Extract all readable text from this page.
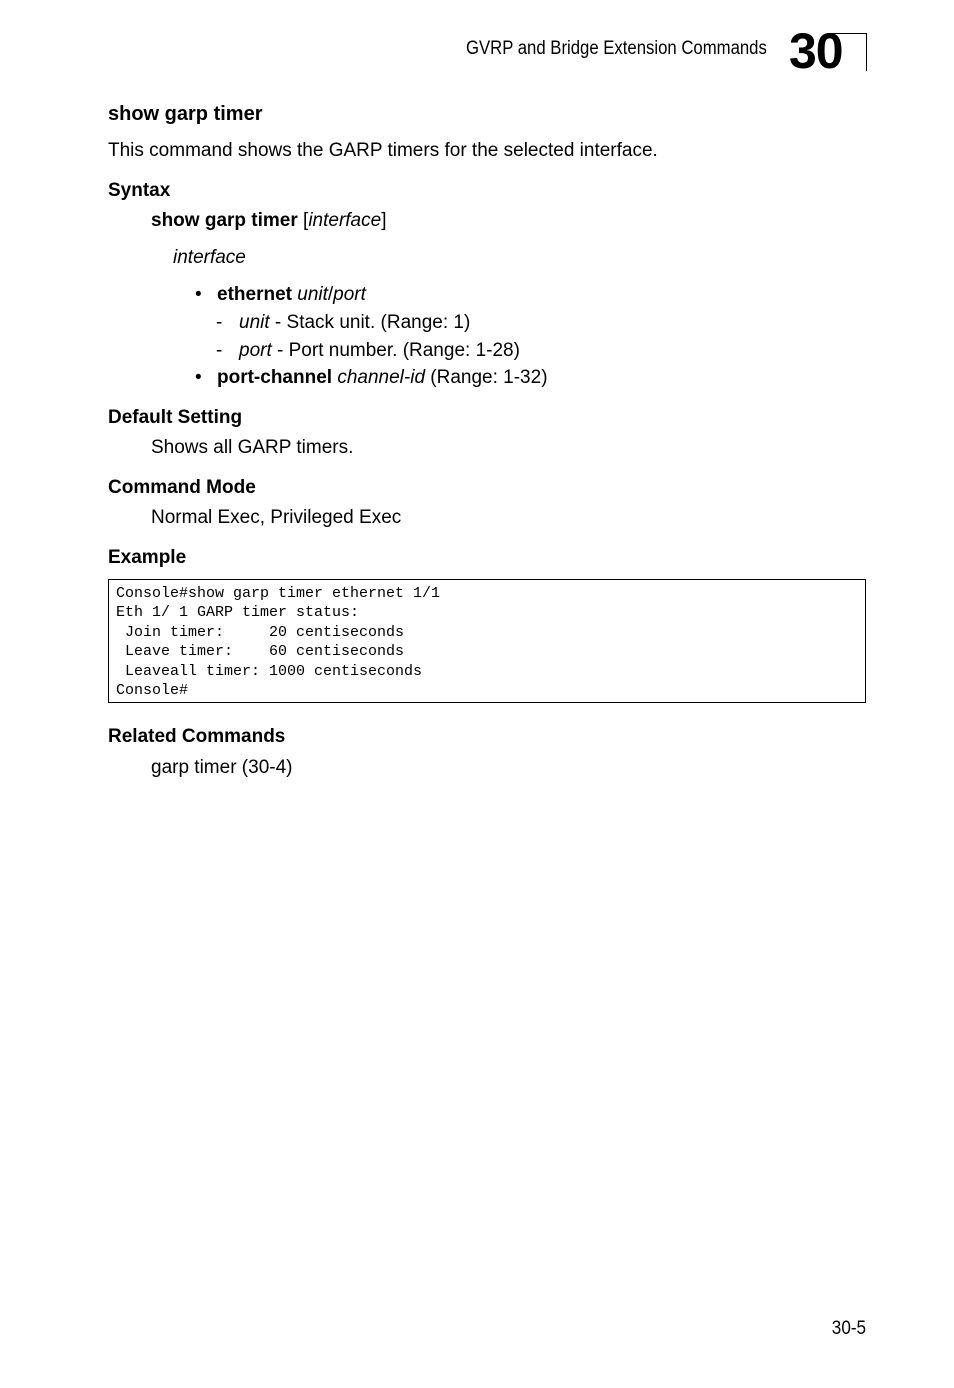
GVRP and Bridge Extension Commands 30
show garp timer
This command shows the GARP timers for the selected interface.
Syntax
show garp timer [interface]
interface
• ethernet unit/port
- unit - Stack unit. (Range: 1)
- port - Port number. (Range: 1-28)
• port-channel channel-id (Range: 1-32)
Default Setting
Shows all GARP timers.
Command Mode
Normal Exec, Privileged Exec
Example
Console#show garp timer ethernet 1/1
Eth 1/ 1 GARP timer status:
Join timer:     20 centiseconds
Leave timer:    60 centiseconds
Leaveall timer: 1000 centiseconds
Console#
Related Commands
garp timer (30-4)
30-5
